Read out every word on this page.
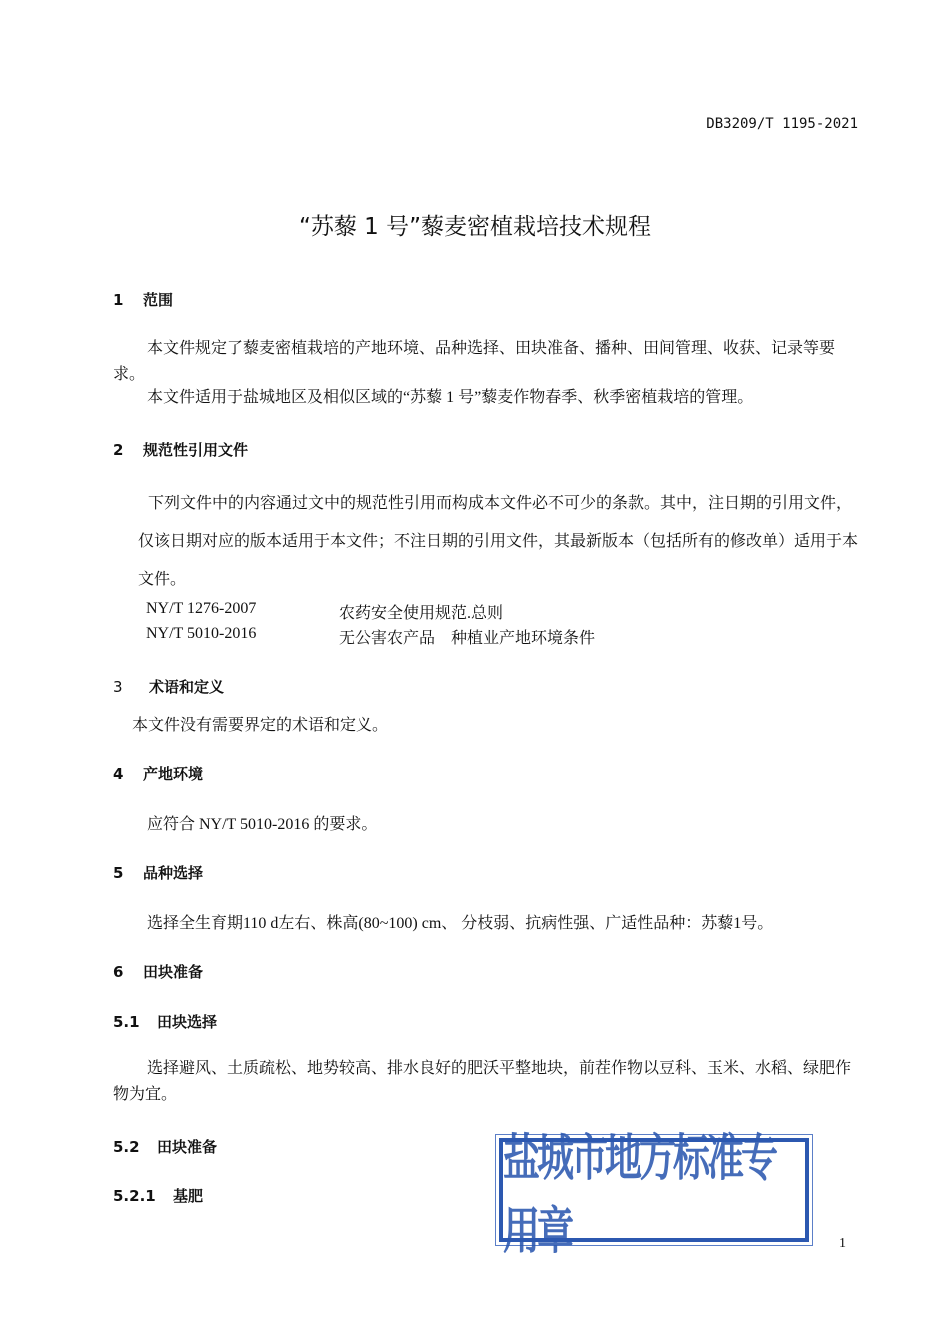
DB3209/T 1195-2021
“苏藜 1 号”藜麦密植栽培技术规程
1 范围
本文件规定了藜麦密植栽培的产地环境、品种选择、田块准备、播种、田间管理、收获、记录等要求。
本文件适用于盐城地区及相似区域的“苏藜 1 号”藜麦作物春季、秋季密植栽培的管理。
2 规范性引用文件
下列文件中的内容通过文中的规范性引用而构成本文件必不可少的条款。其中，注日期的引用文件，仅该日期对应的版本适用于本文件；不注日期的引用文件，其最新版本（包括所有的修改单）适用于本文件。
NY/T 1276-2007	农药安全使用规范.总则
NY/T 5010-2016	无公害农产品　种植业产地环境条件
3 术语和定义
本文件没有需要界定的术语和定义。
4 产地环境
应符合 NY/T 5010-2016 的要求。
5 品种选择
选择全生育期110 d左右、株高(80~100) cm、 分枝弱、抗病性强、广适性品种：苏藜1号。
6 田块准备
5.1 田块选择
选择避风、土质疏松、地势较高、排水良好的肥沃平整地块，前茬作物以豆科、玉米、水稻、绿肥作物为宜。
5.2 田块准备
5.2.1 基肥
盐城市地方标准专用章	1
